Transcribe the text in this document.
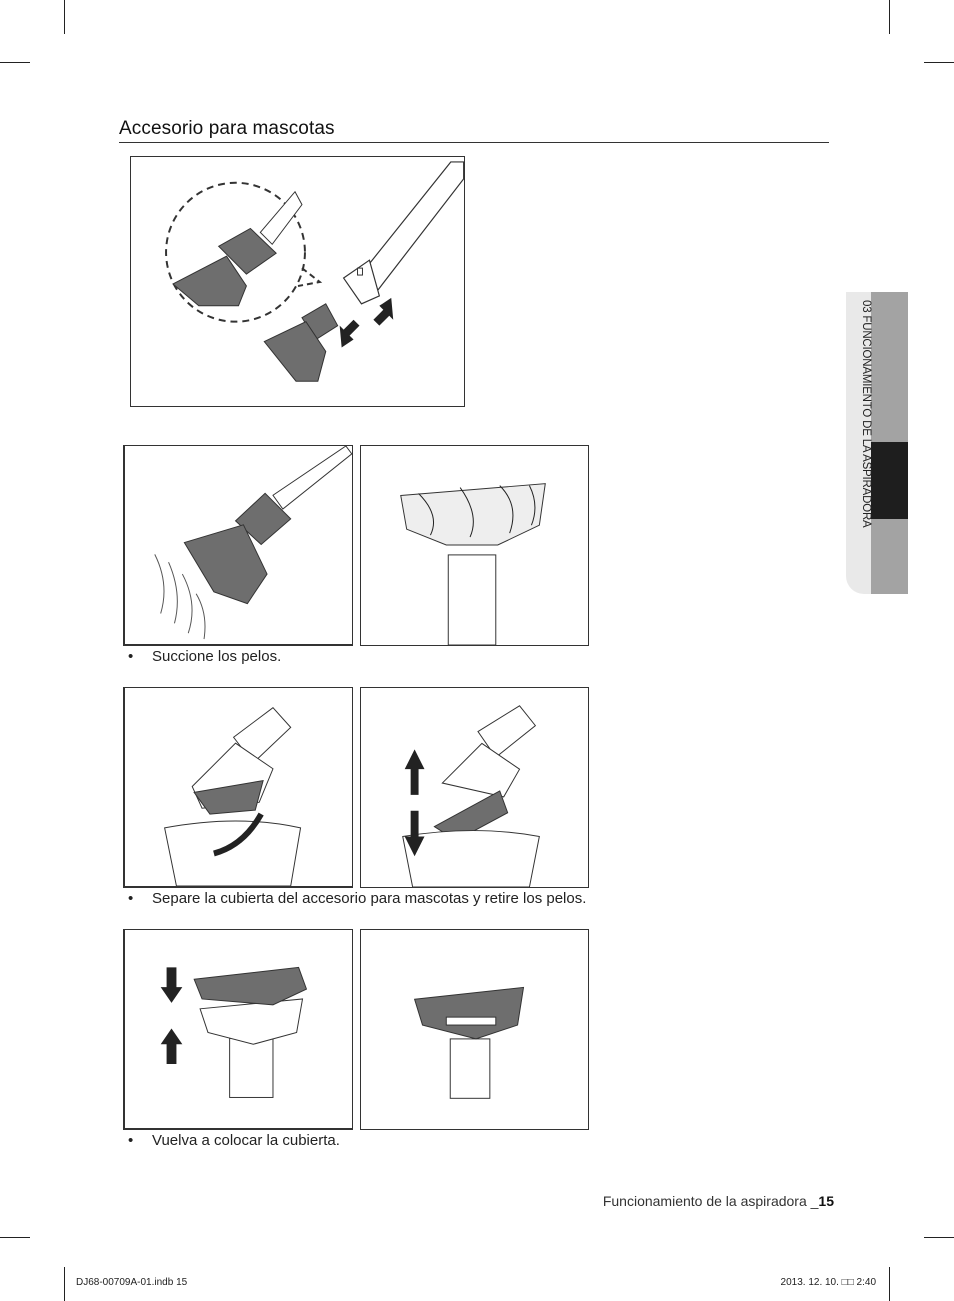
Accesorio para mascotas
•	Succione los pelos.
•	Separe la cubierta del accesorio para mascotas y retire los pelos.
•	Vuelva a colocar la cubierta.
03 FUNCIONAMIENTO DE LA ASPIRADORA
Funcionamiento de la aspiradora _15
DJ68-00709A-01.indb 15	2013. 12. 10. □□ 2:40
